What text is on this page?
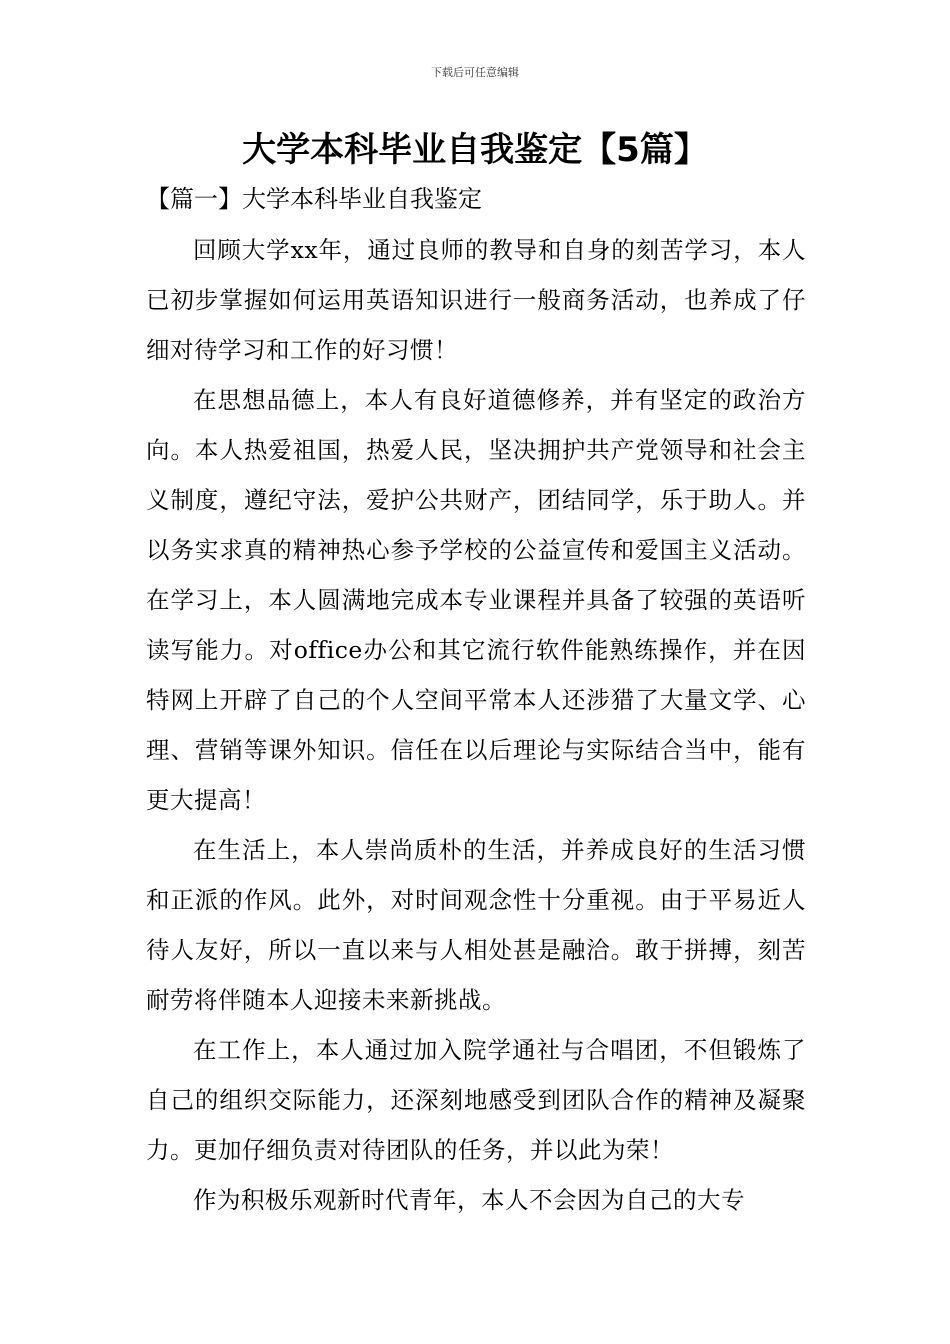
下载后可任意编辑
大学本科毕业自我鉴定【5篇】
【篇一】大学本科毕业自我鉴定

回顾大学xx年，通过良师的教导和自身的刻苦学习，本人已初步掌握如何运用英语知识进行一般商务活动，也养成了仔细对待学习和工作的好习惯！

在思想品德上，本人有良好道德修养，并有坚定的政治方向。本人热爱祖国，热爱人民，坚决拥护共产党领导和社会主义制度，遵纪守法，爱护公共财产，团结同学，乐于助人。并以务实求真的精神热心参予学校的公益宣传和爱国主义活动。在学习上，本人圆满地完成本专业课程并具备了较强的英语听读写能力。对office办公和其它流行软件能熟练操作，并在因特网上开辟了自己的个人空间平常本人还涉猎了大量文学、心理、营销等课外知识。信任在以后理论与实际结合当中，能有更大提高！

在生活上，本人崇尚质朴的生活，并养成良好的生活习惯和正派的作风。此外，对时间观念性十分重视。由于平易近人待人友好，所以一直以来与人相处甚是融洽。敢于拼搏，刻苦耐劳将伴随本人迎接未来新挑战。

在工作上，本人通过加入院学通社与合唱团，不但锻炼了自己的组织交际能力，还深刻地感受到团队合作的精神及凝聚力。更加仔细负责对待团队的任务，并以此为荣！

作为积极乐观新时代青年，本人不会因为自己的大专
